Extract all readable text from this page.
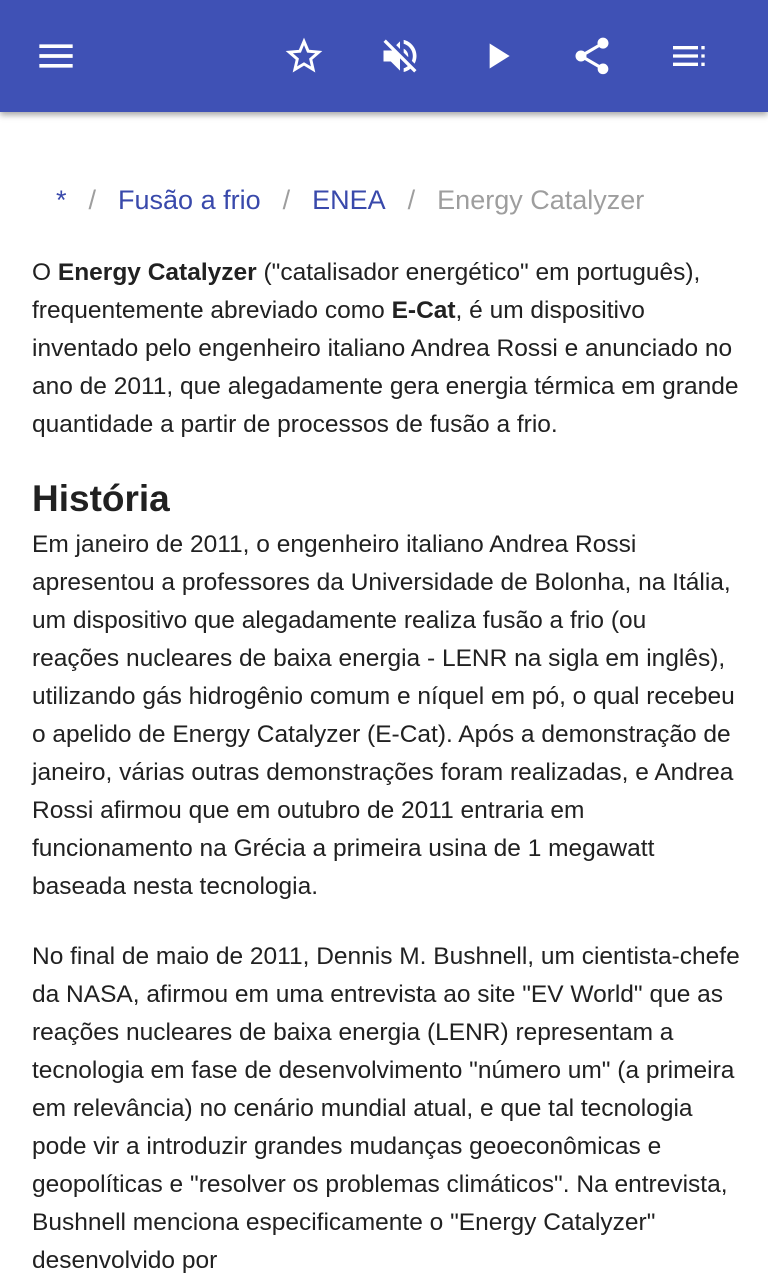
* / Fusão a frio / ENEA / Energy Catalyzer

O Energy Catalyzer ("catalisador energético" em português), frequentemente abreviado como E-Cat, é um dispositivo inventado pelo engenheiro italiano Andrea Rossi e anunciado no ano de 2011, que alegadamente gera energia térmica em grande quantidade a partir de processos de fusão a frio.

História

Em janeiro de 2011, o engenheiro italiano Andrea Rossi apresentou a professores da Universidade de Bolonha, na Itália, um dispositivo que alegadamente realiza fusão a frio (ou reações nucleares de baixa energia - LENR na sigla em inglês), utilizando gás hidrogênio comum e níquel em pó, o qual recebeu o apelido de Energy Catalyzer (E-Cat). Após a demonstração de janeiro, várias outras demonstrações foram realizadas, e Andrea Rossi afirmou que em outubro de 2011 entraria em funcionamento na Grécia a primeira usina de 1 megawatt baseada nesta tecnologia.

No final de maio de 2011, Dennis M. Bushnell, um cientista-chefe da NASA, afirmou em uma entrevista ao site "EV World" que as reações nucleares de baixa energia (LENR) representam a tecnologia em fase de desenvolvimento "número um" (a primeira em relevância) no cenário mundial atual, e que tal tecnologia pode vir a introduzir grandes mudanças geoeconômicas e geopolíticas e "resolver os problemas climáticos". Na entrevista, Bushnell menciona especificamente o "Energy Catalyzer" desenvolvido por
